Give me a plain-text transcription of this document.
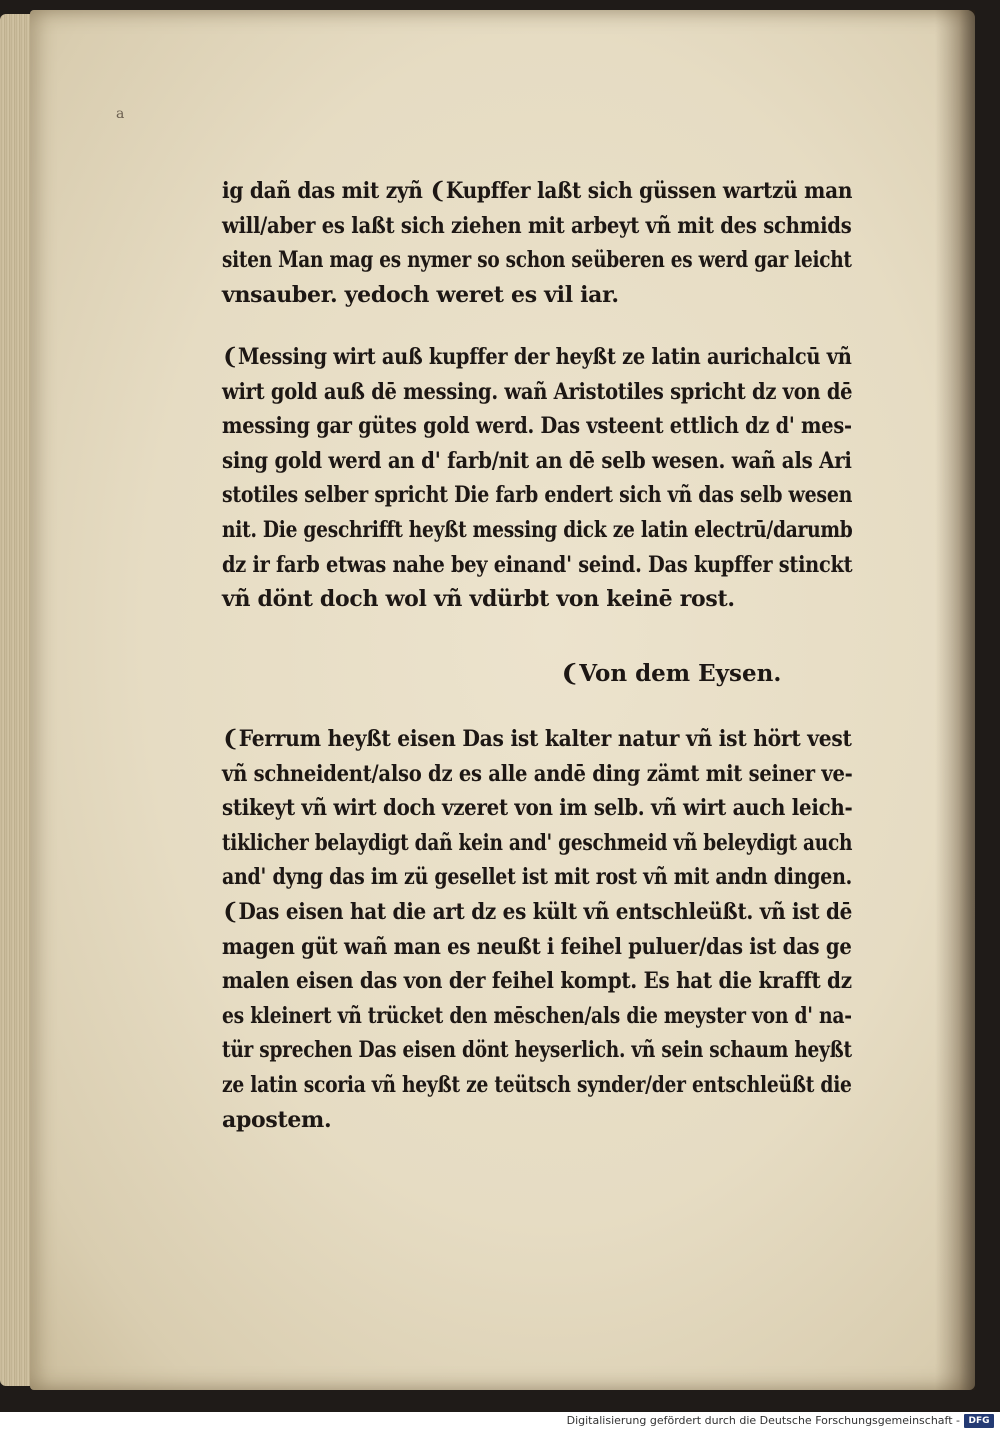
a
ig dañ das mit zyñ ❨Kupffer laßt sich güssen wartzü man
will/aber es laßt sich ziehen mit arbeyt vñ mit des schmids
siten Man mag es nymer so schon seüberen es werd gar leicht
vnsauber. yedoch weret es vil iar.
❨Messing wirt auß kupffer der heyßt ze latin aurichalcū vñ
wirt gold auß dē messing. wañ Aristotiles spricht dz von dē
messing gar gütes gold werd. Das vsteent ettlich dz d' mes-
sing gold werd an d' farb/nit an dē selb wesen. wañ als Ari
stotiles selber spricht Die farb endert sich vñ das selb wesen
nit. Die geschrifft heyßt messing dick ze latin electrū/darumb
dz ir farb etwas nahe bey einand' seind. Das kupffer stinckt
vñ dönt doch wol vñ vdürbt von keinē rost.
❨Von dem Eysen.
❨Ferrum heyßt eisen Das ist kalter natur vñ ist hört vest
vñ schneident/also dz es alle andē ding zämt mit seiner ve-
stikeyt vñ wirt doch vzeret von im selb. vñ wirt auch leich-
tiklicher belaydigt dañ kein and' geschmeid vñ beleydigt auch
and' dyng das im zü gesellet ist mit rost vñ mit andn dingen.
❨Das eisen hat die art dz es kült vñ entschleüßt. vñ ist dē
magen güt wañ man es neußt i feihel puluer/das ist das ge
malen eisen das von der feihel kompt. Es hat die krafft dz
es kleinert vñ trücket den mēschen/als die meyster von d' na-
tür sprechen Das eisen dönt heyserlich. vñ sein schaum heyßt
ze latin scoria vñ heyßt ze teütsch synder/der entschleüßt die
apostem.
Digitalisierung gefördert durch die Deutsche Forschungsgemeinschaft - DFG
